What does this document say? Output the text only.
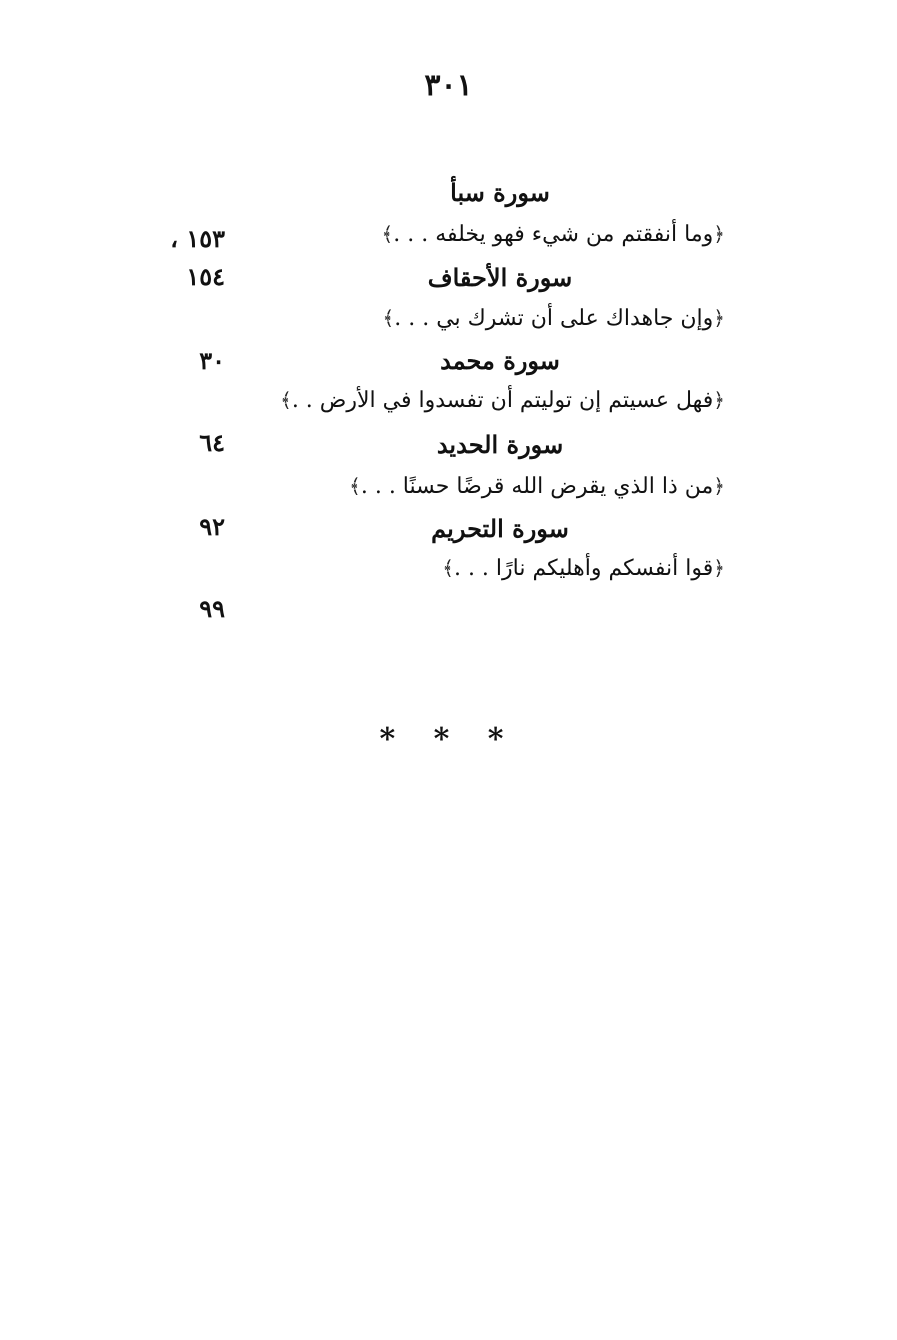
٣٠١
سورة سبأ
﴿وما أنفقتم من شيء فهو يخلفه . . .﴾
١٥٣ ،
سورة الأحقاف
﴿وإن جاهداك على أن تشرك بي . . .﴾
١٥٤
سورة محمد
﴿فهل عسيتم إن توليتم أن تفسدوا في الأرض . .﴾
٣٠
سورة الحديد
﴿من ذا الذي يقرض الله قرضًا حسنًا . . .﴾
٦٤
سورة التحريم
﴿قوا أنفسكم وأهليكم نارًا . . .﴾
٩٢
٩٩
* * *
